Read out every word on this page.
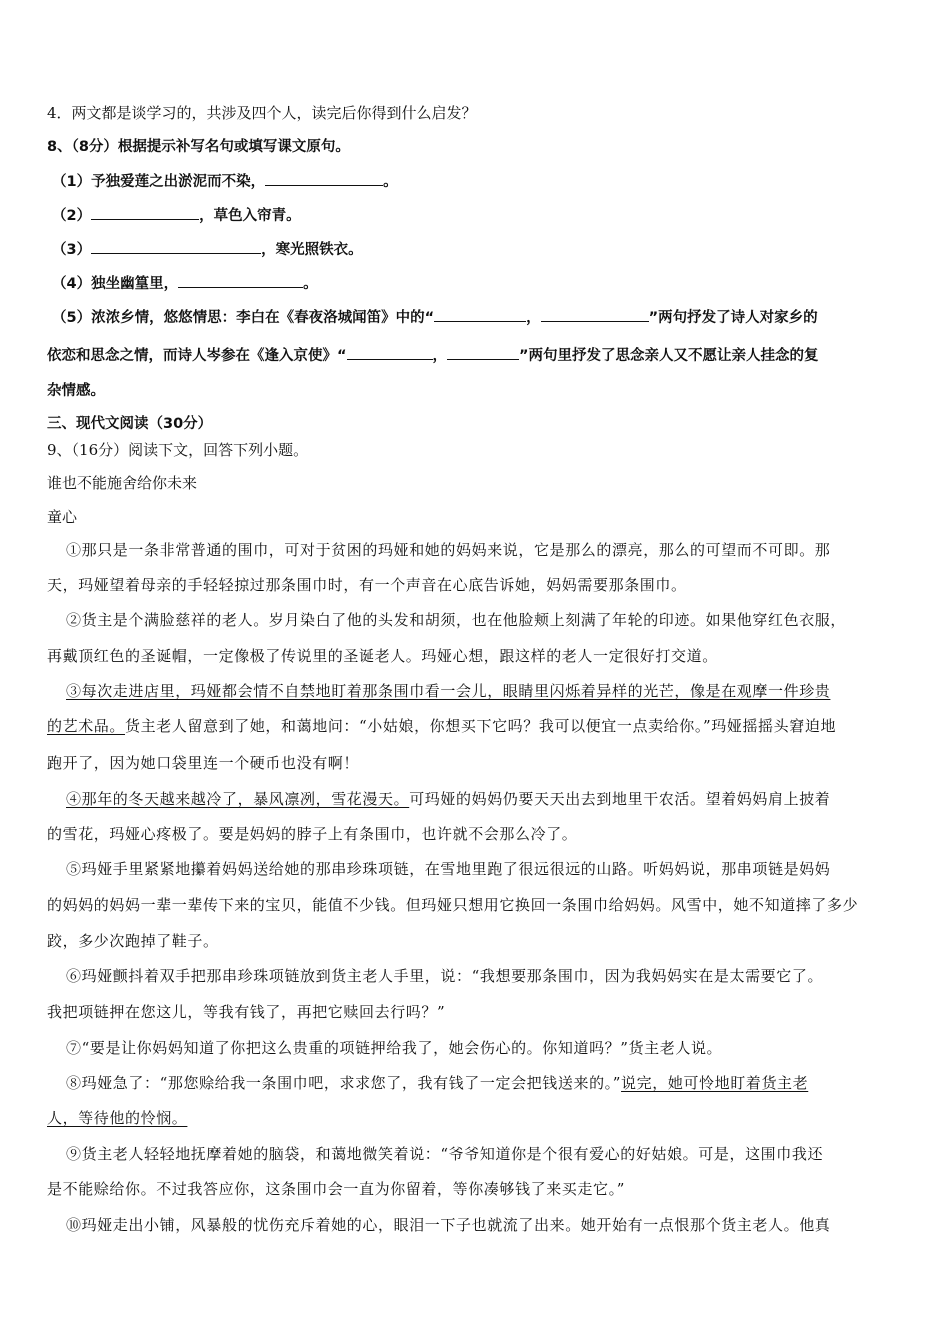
4．两文都是谈学习的，共涉及四个人，读完后你得到什么启发？
8、（8分）根据提示补写名句或填写课文原句。
（1）予独爱莲之出淤泥而不染，	。
（2）	，草色入帘青。
（3）	，寒光照铁衣。
（4）独坐幽篁里，	。
（5）浓浓乡情，悠悠情思：李白在《春夜洛城闻笛》中的“	，	”两句抒发了诗人对家乡的
依恋和思念之情，而诗人岑参在《逢入京使》“	，	”两句里抒发了思念亲人又不愿让亲人挂念的复
杂情感。
三、现代文阅读（30分）
9、（16分）阅读下文，回答下列小题。
谁也不能施舍给你未来
童心
①那只是一条非常普通的围巾，可对于贫困的玛娅和她的妈妈来说，它是那么的漂亮，那么的可望而不可即。那
天，玛娅望着母亲的手轻轻掠过那条围巾时，有一个声音在心底告诉她，妈妈需要那条围巾。
②货主是个满脸慈祥的老人。岁月染白了他的头发和胡须，也在他脸颊上刻满了年轮的印迹。如果他穿红色衣服，
再戴顶红色的圣诞帽，一定像极了传说里的圣诞老人。玛娅心想，跟这样的老人一定很好打交道。
③每次走进店里，玛娅都会情不自禁地盯着那条围巾看一会儿，眼睛里闪烁着异样的光芒，像是在观摩一件珍贵
的艺术品。货主老人留意到了她，和蔼地问：“小姑娘，你想买下它吗？我可以便宜一点卖给你。”玛娅摇摇头窘迫地
跑开了，因为她口袋里连一个硬币也没有啊！
④那年的冬天越来越冷了，暴风凛冽，雪花漫天。可玛娅的妈妈仍要天天出去到地里干农活。望着妈妈肩上披着
的雪花，玛娅心疼极了。要是妈妈的脖子上有条围巾，也许就不会那么冷了。
⑤玛娅手里紧紧地攥着妈妈送给她的那串珍珠项链，在雪地里跑了很远很远的山路。听妈妈说，那串项链是妈妈
的妈妈的妈妈一辈一辈传下来的宝贝，能值不少钱。但玛娅只想用它换回一条围巾给妈妈。风雪中，她不知道摔了多少
跤，多少次跑掉了鞋子。
⑥玛娅颤抖着双手把那串珍珠项链放到货主老人手里，说：“我想要那条围巾，因为我妈妈实在是太需要它了。
我把项链押在您这儿，等我有钱了，再把它赎回去行吗？”
⑦“要是让你妈妈知道了你把这么贵重的项链押给我了，她会伤心的。你知道吗？”货主老人说。
⑧玛娅急了：“那您赊给我一条围巾吧，求求您了，我有钱了一定会把钱送来的。”说完，她可怜地盯着货主老
人，等待他的怜悯。
⑨货主老人轻轻地抚摩着她的脑袋，和蔼地微笑着说：“爷爷知道你是个很有爱心的好姑娘。可是，这围巾我还
是不能赊给你。不过我答应你，这条围巾会一直为你留着，等你凑够钱了来买走它。”
⑩玛娅走出小铺，风暴般的忧伤充斥着她的心，眼泪一下子也就流了出来。她开始有一点恨那个货主老人。他真
